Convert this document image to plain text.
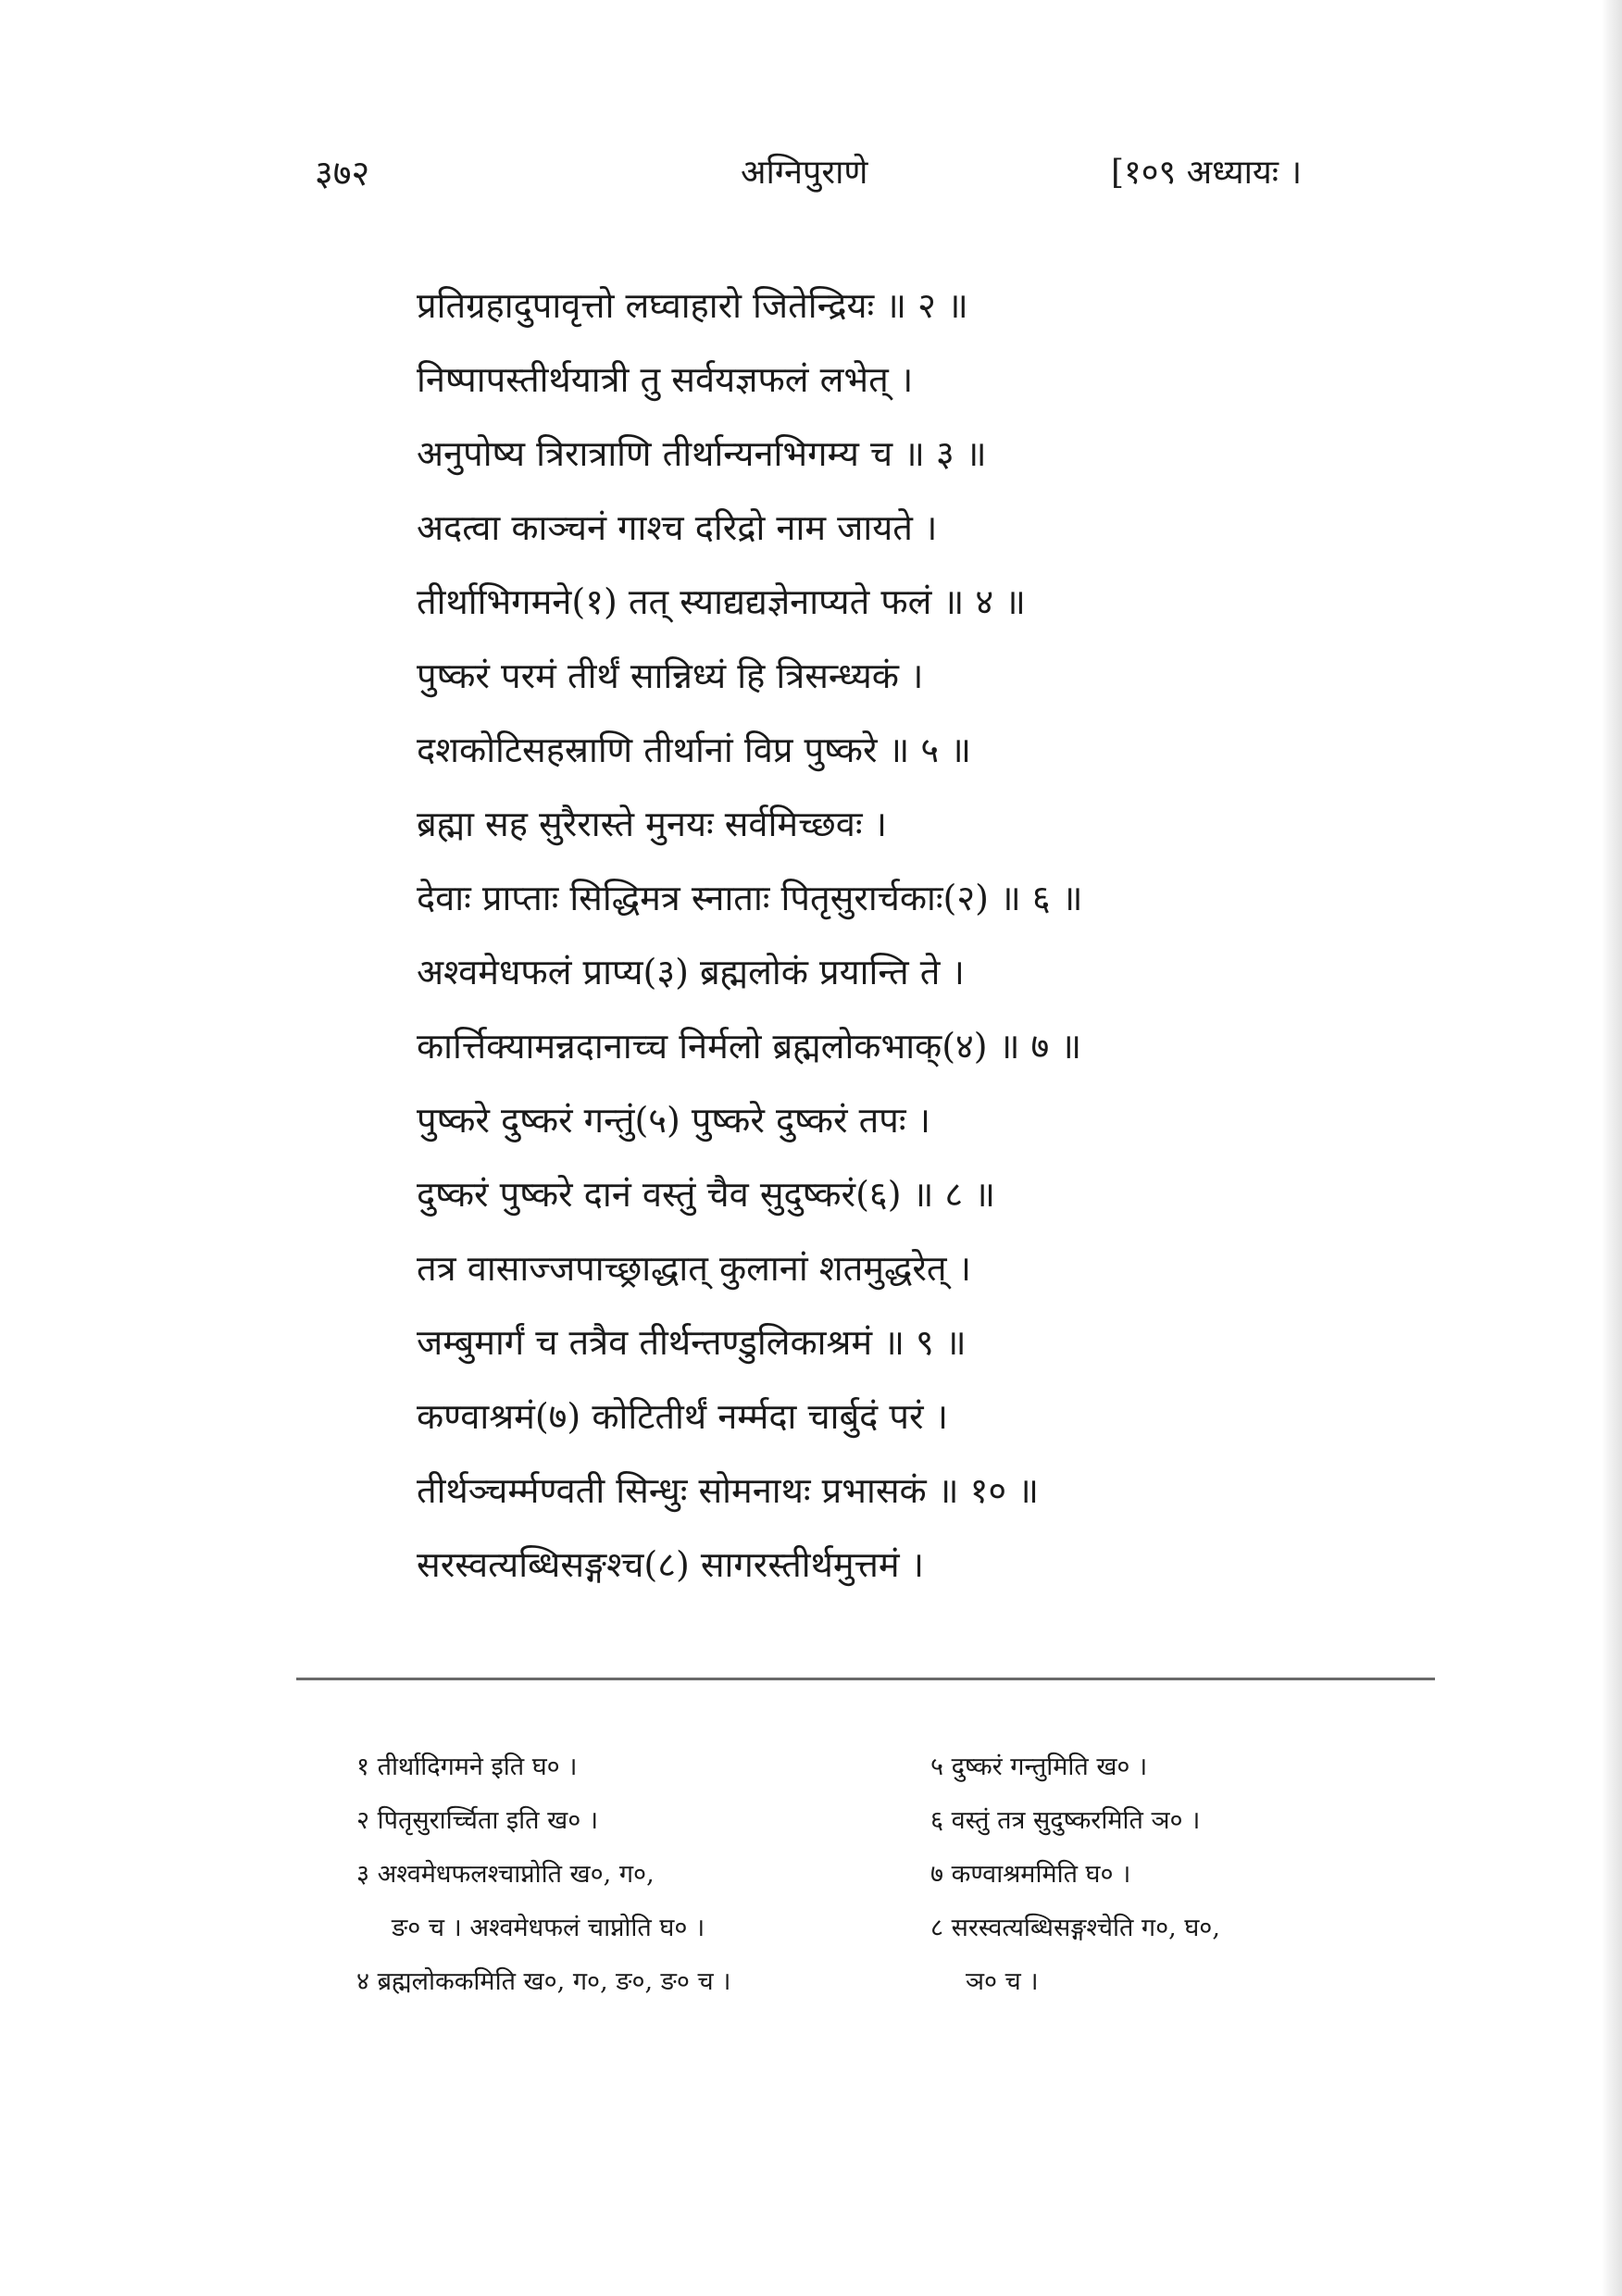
३७२	अग्निपुराणे	[१०९ अध्यायः ।
प्रतिग्रहादुपावृत्तो लघ्वाहारो जितेन्द्रियः ॥ २ ॥
निष्पापस्तीर्थयात्री तु सर्वयज्ञफलं लभेत् ।
अनुपोष्य त्रिरात्राणि तीर्थान्यनभिगम्य च ॥ ३ ॥
अदत्वा काञ्चनं गाश्च दरिद्रो नाम जायते ।
तीर्थाभिगमने(१) तत् स्याद्यद्यज्ञेनाप्यते फलं ॥ ४ ॥
पुष्करं परमं तीर्थं सान्निध्यं हि त्रिसन्ध्यकं ।
दशकोटिसहस्राणि तीर्थानां विप्र पुष्करे ॥ ५ ॥
ब्रह्मा सह सुरैरास्ते मुनयः सर्वमिच्छवः ।
देवाः प्राप्ताः सिद्धिमत्र स्नाताः पितृसुरार्चकाः(२) ॥ ६ ॥
अश्वमेधफलं प्राप्य(३) ब्रह्मलोकं प्रयान्ति ते ।
कार्त्तिक्यामन्नदानाच्च निर्मलो ब्रह्मलोकभाक्(४) ॥ ७ ॥
पुष्करे दुष्करं गन्तुं(५) पुष्करे दुष्करं तपः ।
दुष्करं पुष्करे दानं वस्तुं चैव सुदुष्करं(६) ॥ ८ ॥
तत्र वासाज्जपाच्छ्राद्धात् कुलानां शतमुद्धरेत् ।
जम्बुमार्गं च तत्रैव तीर्थन्तण्डुलिकाश्रमं ॥ ९ ॥
कण्वाश्रमं(७) कोटितीर्थं नर्म्मदा चार्बुदं परं ।
तीर्थञ्चर्म्मण्वती सिन्धुः सोमनाथः प्रभासकं ॥ १० ॥
सरस्वत्यब्धिसङ्गश्च(८) सागरस्तीर्थमुत्तमं ।
१ तीर्थादिगमने इति घ० ।
२ पितृसुरार्च्चिता इति ख० ।
३ अश्वमेधफलश्चाप्नोति ख०, ग०,
ङ० च । अश्वमेधफलं चाप्नोति घ० ।
४ ब्रह्मलोककमिति ख०, ग०, ङ०, ङ० च ।
५ दुष्करं गन्तुमिति ख० ।
६ वस्तुं तत्र सुदुष्करमिति ञ० ।
७ कण्वाश्रममिति घ० ।
८ सरस्वत्यब्धिसङ्गश्चेति ग०, घ०,
ञ० च ।
